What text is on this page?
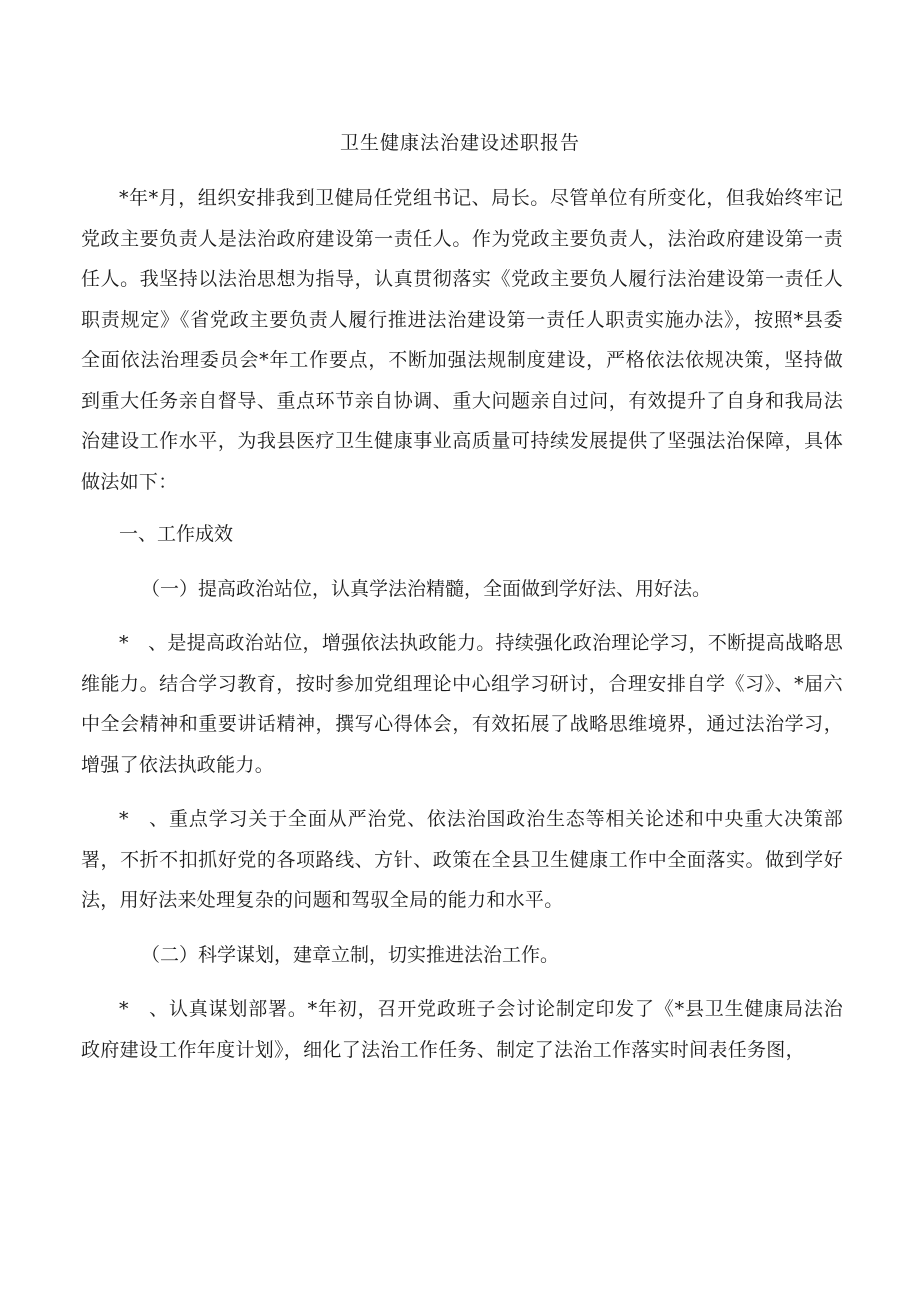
卫生健康法治建设述职报告

*年*月，组织安排我到卫健局任党组书记、局长。尽管单位有所变化，但我始终牢记党政主要负责人是法治政府建设第一责任人。作为党政主要负责人，法治政府建设第一责任人。我坚持以法治思想为指导，认真贯彻落实《党政主要负人履行法治建设第一责任人职责规定》《省党政主要负责人履行推进法治建设第一责任人职责实施办法》，按照*县委全面依法治理委员会*年工作要点，不断加强法规制度建设，严格依法依规决策，坚持做到重大任务亲自督导、重点环节亲自协调、重大问题亲自过问，有效提升了自身和我局法治建设工作水平，为我县医疗卫生健康事业高质量可持续发展提供了坚强法治保障，具体做法如下：

一、工作成效

（一）提高政治站位，认真学法治精髓，全面做到学好法、用好法。

*　、是提高政治站位，增强依法执政能力。持续强化政治理论学习，不断提高战略思维能力。结合学习教育，按时参加党组理论中心组学习研讨，合理安排自学《习》、*届六中全会精神和重要讲话精神，撰写心得体会，有效拓展了战略思维境界，通过法治学习，增强了依法执政能力。

*　、重点学习关于全面从严治党、依法治国政治生态等相关论述和中央重大决策部署，不折不扣抓好党的各项路线、方针、政策在全县卫生健康工作中全面落实。做到学好法，用好法来处理复杂的问题和驾驭全局的能力和水平。

（二）科学谋划，建章立制，切实推进法治工作。

*　、认真谋划部署。*年初，召开党政班子会讨论制定印发了《*县卫生健康局法治政府建设工作年度计划》，细化了法治工作任务、制定了法治工作落实时间表任务图，
